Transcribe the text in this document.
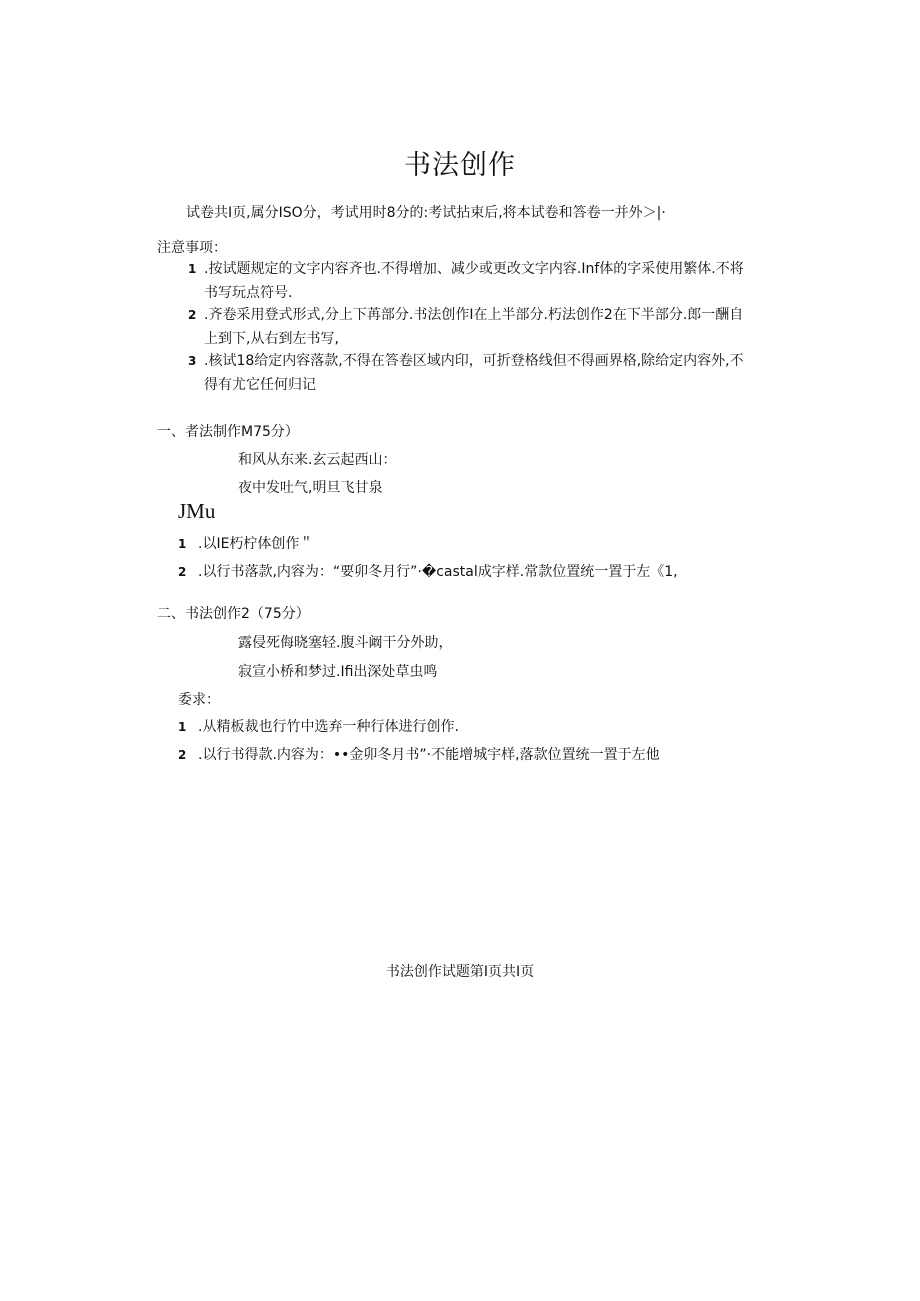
书法创作
试卷共I页,属分ISO分，考试用时8分的:考试拈束后,将本试卷和答卷一并外＞|·
注意事项：
1 .按试题规定的文字内容齐也.不得增加、减少或更改文字内容.Inf体的字采使用繁体.不将
书写玩点符号.
2 .齐卷采用登式形式,分上下苒部分.书法创作I在上半部分.朽法创作2在下半部分.郎一酬自
上到下,从右到左书写,
3 .核试18给定内容落款,不得在答卷区域内印，可折登格线但不得画界格,除给定内容外,不
得有尤它任何归记
一、者法制作M75分）
和风从东来.玄云起西山：
夜中发吐气,明旦飞甘泉
JMu
1 .以IE朽柠体创作＂
2 .以行书落款,内容为：“要卯冬月行”·�castal成字样.常款位置统一置于左《1,
二、书法创作2（75分）
露侵死侮晓塞轻.腹斗阚干分外助，
寂宣小桥和梦过.Ifi出深处草虫鸣
委求：
1 .从精板裁也行竹中选弃一种行体进行创作.
2 .以行书得款.内容为：••金卯冬月书”·不能增城宇样,落款位置统一置于左他
书法创作试题第I页共I页
